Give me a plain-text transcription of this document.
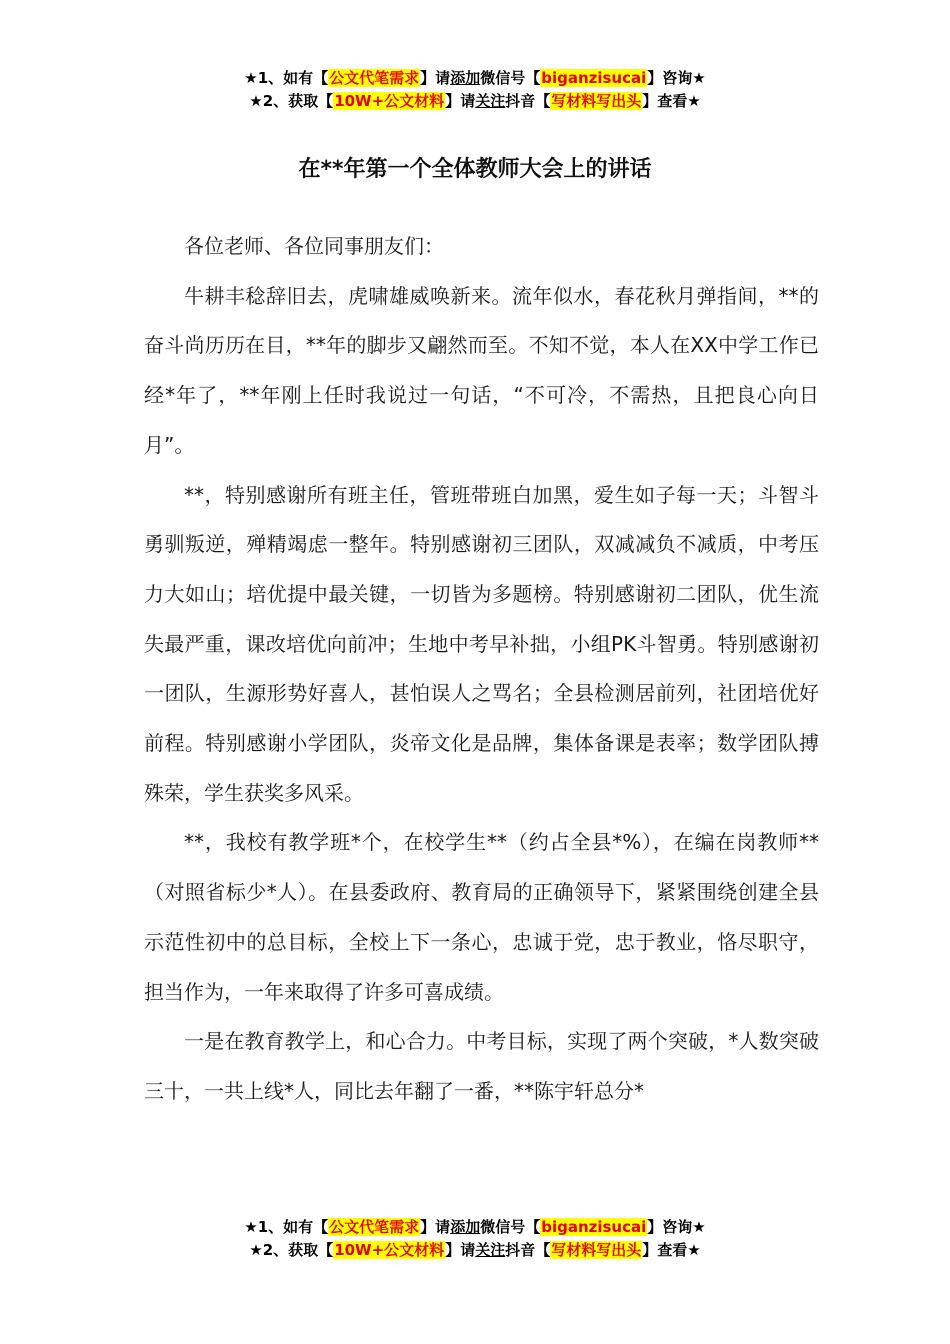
★1、如有【公文代笔需求】请添加微信号【biganzisucai】咨询★
★2、获取【10W+公文材料】请关注抖音【写材料写出头】查看★
在**年第一个全体教师大会上的讲话

各位老师、各位同事朋友们：

牛耕丰稔辞旧去，虎啸雄威唤新来。流年似水，春花秋月弹指间，**的奋斗尚历历在目，**年的脚步又翩然而至。不知不觉，本人在XX中学工作已经*年了，**年刚上任时我说过一句话，“不可冷，不需热，且把良心向日月”。

**，特别感谢所有班主任，管班带班白加黑，爱生如子每一天；斗智斗勇驯叛逆，殚精竭虑一整年。特别感谢初三团队，双减减负不减质，中考压力大如山；培优提中最关键，一切皆为多题榜。特别感谢初二团队，优生流失最严重，课改培优向前冲；生地中考早补拙，小组PK斗智勇。特别感谢初一团队，生源形势好喜人，甚怕误人之骂名；全县检测居前列，社团培优好前程。特别感谢小学团队，炎帝文化是品牌，集体备课是表率；数学团队搏殊荣，学生获奖多风采。

**，我校有教学班*个，在校学生**（约占全县*%），在编在岗教师**（对照省标少*人）。在县委政府、教育局的正确领导下，紧紧围绕创建全县示范性初中的总目标，全校上下一条心，忠诚于党，忠于教业，恪尽职守，担当作为，一年来取得了许多可喜成绩。

一是在教育教学上，和心合力。中考目标，实现了两个突破，*人数突破三十，一共上线*人，同比去年翻了一番，**陈宇轩总分*

★1、如有【公文代笔需求】请添加微信号【biganzisucai】咨询★
★2、获取【10W+公文材料】请关注抖音【写材料写出头】查看★
